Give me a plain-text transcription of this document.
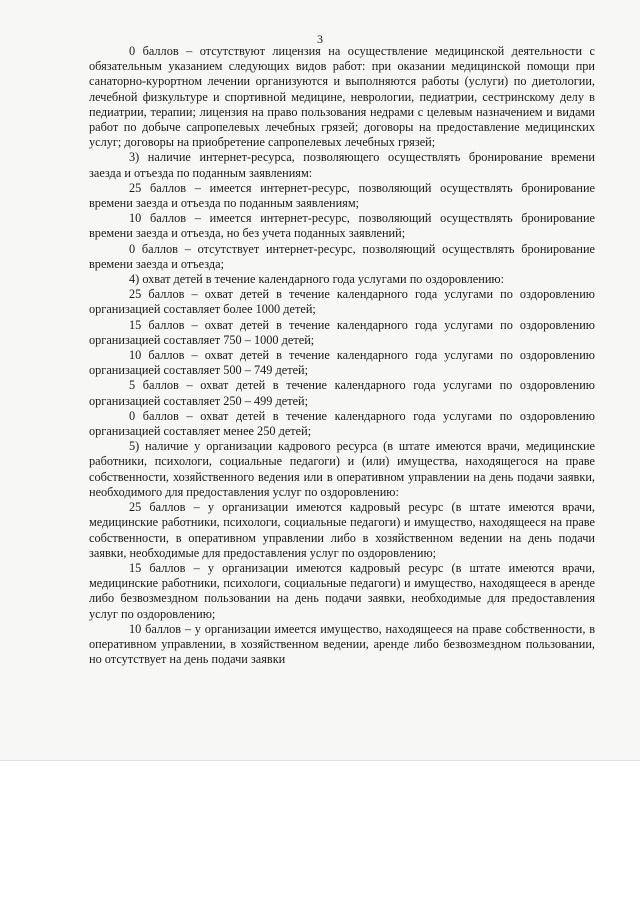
3

0 баллов – отсутствуют лицензия на осуществление медицинской деятельности с обязательным указанием следующих видов работ: при оказании медицинской помощи при санаторно-курортном лечении организуются и выполняются работы (услуги) по диетологии, лечебной физкультуре и спортивной медицине, неврологии, педиатрии, сестринскому делу в педиатрии, терапии; лицензия на право пользования недрами с целевым назначением и видами работ по добыче сапропелевых лечебных грязей; договоры на предоставление медицинских услуг; договоры на приобретение сапропелевых лечебных грязей;

3) наличие интернет-ресурса, позволяющего осуществлять бронирование времени заезда и отъезда по поданным заявлениям:

25 баллов – имеется интернет-ресурс, позволяющий осуществлять бронирование времени заезда и отъезда по поданным заявлениям;

10 баллов – имеется интернет-ресурс, позволяющий осуществлять бронирование времени заезда и отъезда, но без учета поданных заявлений;

0 баллов – отсутствует интернет-ресурс, позволяющий осуществлять бронирование времени заезда и отъезда;

4) охват детей в течение календарного года услугами по оздоровлению:

25 баллов – охват детей в течение календарного года услугами по оздоровлению организацией составляет более 1000 детей;

15 баллов – охват детей в течение календарного года услугами по оздоровлению организацией составляет 750 – 1000 детей;

10 баллов – охват детей в течение календарного года услугами по оздоровлению организацией составляет 500 – 749 детей;

5 баллов – охват детей в течение календарного года услугами по оздоровлению организацией составляет 250 – 499 детей;

0 баллов – охват детей в течение календарного года услугами по оздоровлению организацией составляет менее 250 детей;

5) наличие у организации кадрового ресурса (в штате имеются врачи, медицинские работники, психологи, социальные педагоги) и (или) имущества, находящегося на праве собственности, хозяйственного ведения или в оперативном управлении на день подачи заявки, необходимого для предоставления услуг по оздоровлению:

25 баллов – у организации имеются кадровый ресурс (в штате имеются врачи, медицинские работники, психологи, социальные педагоги) и имущество, находящееся на праве собственности, в оперативном управлении либо в хозяйственном ведении на день подачи заявки, необходимые для предоставления услуг по оздоровлению;

15 баллов – у организации имеются кадровый ресурс (в штате имеются врачи, медицинские работники, психологи, социальные педагоги) и имущество, находящееся в аренде либо безвозмездном пользовании на день подачи заявки, необходимые для предоставления услуг по оздоровлению;

10 баллов – у организации имеется имущество, находящееся на праве собственности, в оперативном управлении, в хозяйственном ведении, аренде либо безвозмездном пользовании, но отсутствует на день подачи заявки
